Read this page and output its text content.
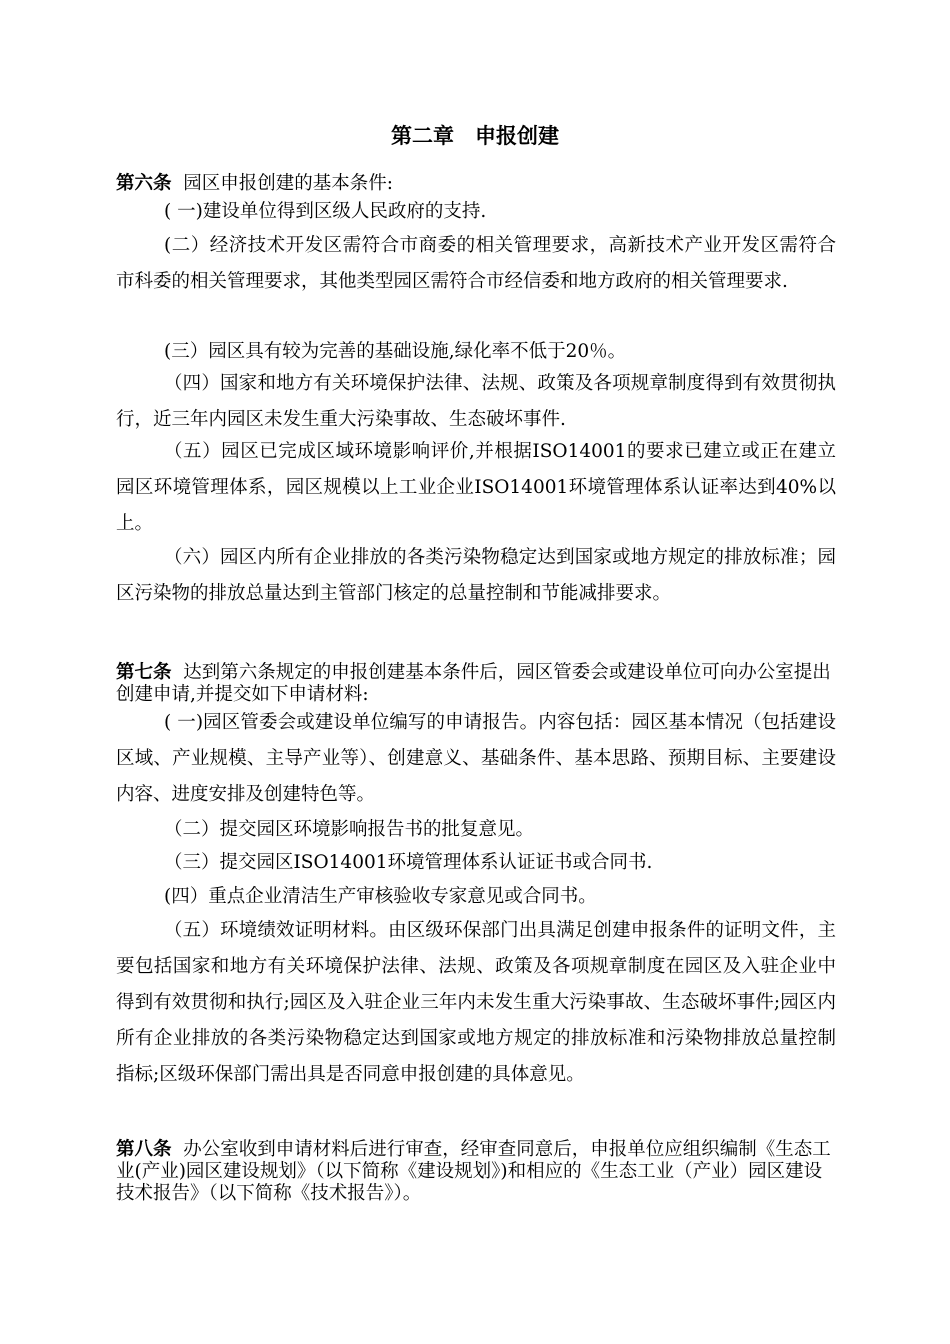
第二章　申报创建

第六条 园区申报创建的基本条件:

( 一)建设单位得到区级人民政府的支持.

(二）经济技术开发区需符合市商委的相关管理要求，高新技术产业开发区需符合市科委的相关管理要求，其他类型园区需符合市经信委和地方政府的相关管理要求.

(三）园区具有较为完善的基础设施,绿化率不低于20％。

（四）国家和地方有关环境保护法律、法规、政策及各项规章制度得到有效贯彻执行，近三年内园区未发生重大污染事故、生态破坏事件.

（五）园区已完成区域环境影响评价,并根据ISO14001的要求已建立或正在建立园区环境管理体系，园区规模以上工业企业ISO14001环境管理体系认证率达到40%以上。

（六）园区内所有企业排放的各类污染物稳定达到国家或地方规定的排放标准；园区污染物的排放总量达到主管部门核定的总量控制和节能减排要求。

第七条 达到第六条规定的申报创建基本条件后，园区管委会或建设单位可向办公室提出创建申请,并提交如下申请材料:

( 一)园区管委会或建设单位编写的申请报告。内容包括：园区基本情况（包括建设区域、产业规模、主导产业等）、创建意义、基础条件、基本思路、预期目标、主要建设内容、进度安排及创建特色等。

（二）提交园区环境影响报告书的批复意见。

（三）提交园区ISO14001环境管理体系认证证书或合同书.

(四）重点企业清洁生产审核验收专家意见或合同书。

（五）环境绩效证明材料。由区级环保部门出具满足创建申报条件的证明文件，主要包括国家和地方有关环境保护法律、法规、政策及各项规章制度在园区及入驻企业中得到有效贯彻和执行;园区及入驻企业三年内未发生重大污染事故、生态破坏事件;园区内所有企业排放的各类污染物稳定达到国家或地方规定的排放标准和污染物排放总量控制指标;区级环保部门需出具是否同意申报创建的具体意见。

第八条 办公室收到申请材料后进行审查，经审查同意后，申报单位应组织编制《生态工业(产业)园区建设规划》（以下简称《建设规划》)和相应的《生态工业（产业）园区建设技术报告》（以下简称《技术报告》）。
